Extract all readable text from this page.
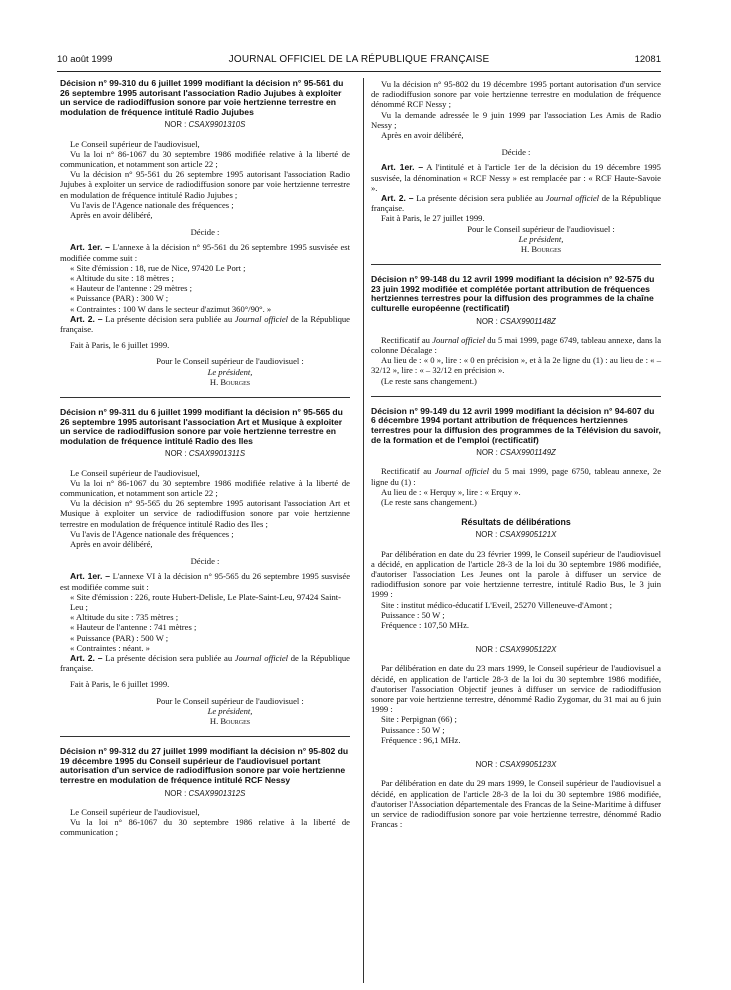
10 août 1999	JOURNAL OFFICIEL DE LA RÉPUBLIQUE FRANÇAISE	12081

Décision n° 99-310 du 6 juillet 1999 modifiant la décision n° 95-561 du 26 septembre 1995 autorisant l'association Radio Jujubes à exploiter un service de radiodiffusion sonore par voie hertzienne terrestre en modulation de fréquence intitulé Radio Jujubes

NOR : CSAX9901310S

Le Conseil supérieur de l'audiovisuel,

Vu la loi n° 86-1067 du 30 septembre 1986 modifiée relative à la liberté de communication, et notamment son article 22 ;

Vu la décision n° 95-561 du 26 septembre 1995 autorisant l'association Radio Jujubes à exploiter un service de radiodiffusion sonore par voie hertzienne terrestre en modulation de fréquence intitulé Radio Jujubes ;

Vu l'avis de l'Agence nationale des fréquences ;

Après en avoir délibéré,

Décide :

Art. 1er. – L'annexe à la décision n° 95-561 du 26 septembre 1995 susvisée est modifiée comme suit :

« Site d'émission : 18, rue de Nice, 97420 Le Port ;

« Altitude du site : 18 mètres ;

« Hauteur de l'antenne : 29 mètres ;

« Puissance (PAR) : 300 W ;

« Contraintes : 100 W dans le secteur d'azimut 360°/90°. »

Art. 2. – La présente décision sera publiée au Journal officiel de la République française.

Fait à Paris, le 6 juillet 1999.

Pour le Conseil supérieur de l'audiovisuel :

Le président,

H. Bourges

Décision n° 99-311 du 6 juillet 1999 modifiant la décision n° 95-565 du 26 septembre 1995 autorisant l'association Art et Musique à exploiter un service de radiodiffusion sonore par voie hertzienne terrestre en modulation de fréquence intitulé Radio des Iles

NOR : CSAX9901311S

Le Conseil supérieur de l'audiovisuel,

Vu la loi n° 86-1067 du 30 septembre 1986 modifiée relative à la liberté de communication, et notamment son article 22 ;

Vu la décision n° 95-565 du 26 septembre 1995 autorisant l'association Art et Musique à exploiter un service de radiodiffusion sonore par voie hertzienne terrestre en modulation de fréquence intitulé Radio des Iles ;

Vu l'avis de l'Agence nationale des fréquences ;

Après en avoir délibéré,

Décide :

Art. 1er. – L'annexe VI à la décision n° 95-565 du 26 septembre 1995 susvisée est modifiée comme suit :

« Site d'émission : 226, route Hubert-Delisle, Le Plate-Saint-Leu, 97424 Saint-Leu ;

« Altitude du site : 735 mètres ;

« Hauteur de l'antenne : 741 mètres ;

« Puissance (PAR) : 500 W ;

« Contraintes : néant. »

Art. 2. – La présente décision sera publiée au Journal officiel de la République française.

Fait à Paris, le 6 juillet 1999.

Pour le Conseil supérieur de l'audiovisuel :

Le président,

H. Bourges

Décision n° 99-312 du 27 juillet 1999 modifiant la décision n° 95-802 du 19 décembre 1995 du Conseil supérieur de l'audiovisuel portant autorisation d'un service de radiodiffusion sonore par voie hertzienne terrestre en modulation de fréquence intitulé RCF Nessy

NOR : CSAX9901312S

Le Conseil supérieur de l'audiovisuel,

Vu la loi n° 86-1067 du 30 septembre 1986 relative à la liberté de communication ;

Vu la décision n° 95-802 du 19 décembre 1995 portant autorisation d'un service de radiodiffusion sonore par voie hertzienne terrestre en modulation de fréquence dénommé RCF Nessy ;

Vu la demande adressée le 9 juin 1999 par l'association Les Amis de Radio Nessy ;

Après en avoir délibéré,

Décide :

Art. 1er. – A l'intitulé et à l'article 1er de la décision du 19 décembre 1995 susvisée, la dénomination « RCF Nessy » est remplacée par : « RCF Haute-Savoie ».

Art. 2. – La présente décision sera publiée au Journal officiel de la République française.

Fait à Paris, le 27 juillet 1999.

Pour le Conseil supérieur de l'audiovisuel :

Le président,

H. Bourges

Décision n° 99-148 du 12 avril 1999 modifiant la décision n° 92-575 du 23 juin 1992 modifiée et complétée portant attribution de fréquences hertziennes terrestres pour la diffusion des programmes de la chaîne culturelle européenne (rectificatif)

NOR : CSAX9901148Z

Rectificatif au Journal officiel du 5 mai 1999, page 6749, tableau annexe, dans la colonne Décalage :

Au lieu de : « 0 », lire : « 0 en précision », et à la 2e ligne du (1) : au lieu de : « – 32/12 », lire : « – 32/12 en précision ».

(Le reste sans changement.)

Décision n° 99-149 du 12 avril 1999 modifiant la décision n° 94-607 du 6 décembre 1994 portant attribution de fréquences hertziennes terrestres pour la diffusion des programmes de la Télévision du savoir, de la formation et de l'emploi (rectificatif)

NOR : CSAX9901149Z

Rectificatif au Journal officiel du 5 mai 1999, page 6750, tableau annexe, 2e ligne du (1) :

Au lieu de : « Herquy », lire : « Erquy ».

(Le reste sans changement.)

Résultats de délibérations

NOR : CSAX9905121X

Par délibération en date du 23 février 1999, le Conseil supérieur de l'audiovisuel a décidé, en application de l'article 28-3 de la loi du 30 septembre 1986 modifiée, d'autoriser l'association Les Jeunes ont la parole à diffuser un service de radiodiffusion sonore par voie hertzienne terrestre, intitulé Radio Bus, le 3 juin 1999 :

Site : institut médico-éducatif L'Eveil, 25270 Villeneuve-d'Amont ;

Puissance : 50 W ;

Fréquence : 107,50 MHz.

NOR : CSAX9905122X

Par délibération en date du 23 mars 1999, le Conseil supérieur de l'audiovisuel a décidé, en application de l'article 28-3 de la loi du 30 septembre 1986 modifiée, d'autoriser l'association Objectif jeunes à diffuser un service de radiodiffusion sonore par voie hertzienne terrestre, dénommé Radio Zygomar, du 31 mai au 6 juin 1999 :

Site : Perpignan (66) ;

Puissance : 50 W ;

Fréquence : 96,1 MHz.

NOR : CSAX9905123X

Par délibération en date du 29 mars 1999, le Conseil supérieur de l'audiovisuel a décidé, en application de l'article 28-3 de la loi du 30 septembre 1986 modifiée, d'autoriser l'Association départementale des Francas de la Seine-Maritime à diffuser un service de radiodiffusion sonore par voie hertzienne terrestre, dénommé Radio Francas :
